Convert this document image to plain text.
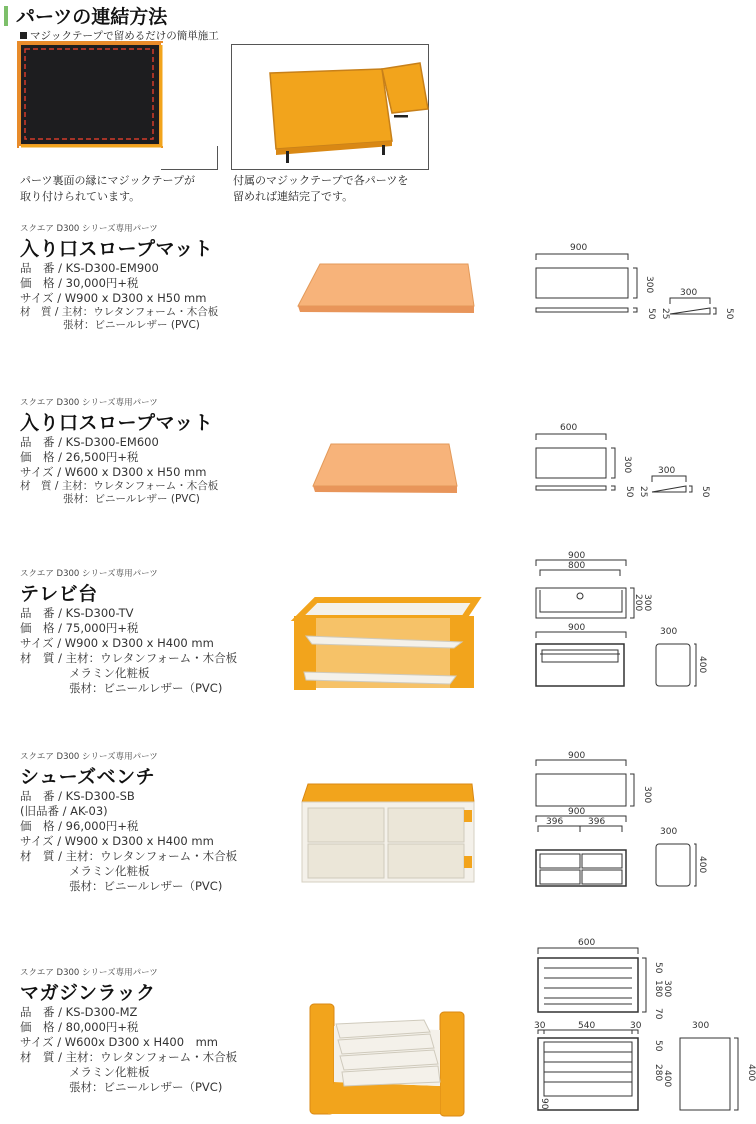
パーツの連結方法
マジックテープで留めるだけの簡単施工
パーツ裏面の縁にマジックテープが
取り付けられています。
付属のマジックテープで各パーツを
留めれば連結完了です。
スクエア D300 シリーズ専用パーツ
入り口スロープマット
品　番 / KS-D300-EM900
価　格 / 30,000円+税
サイズ / W900 x D300 x H50 mm
材　質 / 主材：ウレタンフォーム・木合板
張材：ビニールレザー (PVC)
900
300
50 25
300
50
スクエア D300 シリーズ専用パーツ
入り口スロープマット
品　番 / KS-D300-EM600
価　格 / 26,500円+税
サイズ / W600 x D300 x H50 mm
材　質 / 主材：ウレタンフォーム・木合板
張材：ビニールレザー (PVC)
600
300
50 25
300
50
スクエア D300 シリーズ専用パーツ
テレビ台
品　番 / KS-D300-TV
価　格 / 75,000円+税
サイズ / W900 x D300 x H400 mm
材　質 / 主材：ウレタンフォーム・木合板
メラミン化粧板
張材：ビニールレザー（PVC)
900
800
200 300
900	300
400
スクエア D300 シリーズ専用パーツ
シューズベンチ
品　番 / KS-D300-SB
(旧品番 / AK-03)
価　格 / 96,000円+税
サイズ / W900 x D300 x H400 mm
材　質 / 主材：ウレタンフォーム・木合板
メラミン化粧板
張材：ビニールレザー（PVC)
900
300
900
396	396
300
400
スクエア D300 シリーズ専用パーツ
マガジンラック
品　番 / KS-D300-MZ
価　格 / 80,000円+税
サイズ / W600x D300 x H400　mm
材　質 / 主材：ウレタンフォーム・木合板
メラミン化粧板
張材：ビニールレザー（PVC)
600
50
180
70
300
30	540	30	300
50
280 400
90
400
